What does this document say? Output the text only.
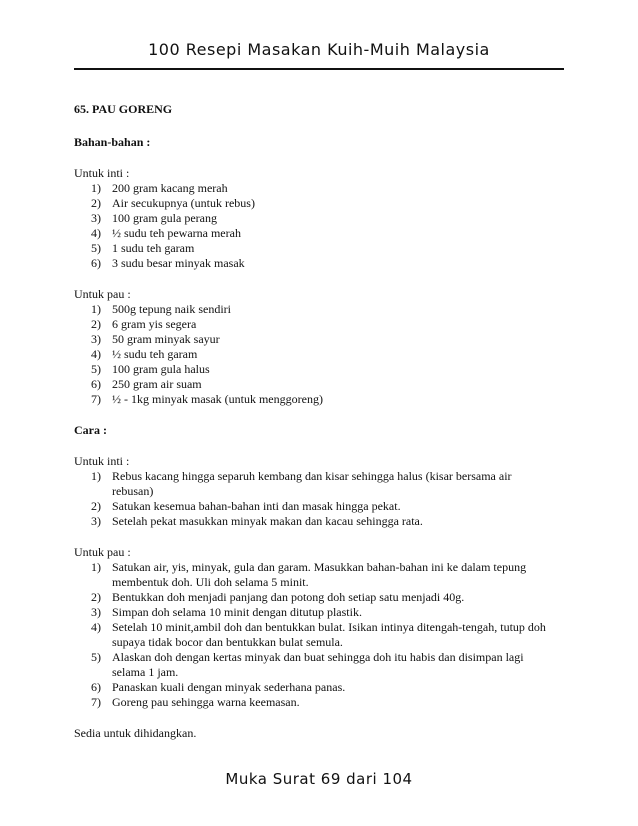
100 Resepi Masakan Kuih-Muih Malaysia

65. PAU GORENG

Bahan-bahan :

Untuk inti :

1) 200 gram kacang merah
2) Air secukupnya (untuk rebus)
3) 100 gram gula perang
4) ½ sudu teh pewarna merah
5) 1 sudu teh garam
6) 3 sudu besar minyak masak

Untuk pau :

1) 500g tepung naik sendiri
2) 6 gram yis segera
3) 50 gram minyak sayur
4) ½ sudu teh garam
5) 100 gram gula halus
6) 250 gram air suam
7) ½ - 1kg minyak masak (untuk menggoreng)

Cara :

Untuk inti :

1) Rebus kacang hingga separuh kembang dan kisar sehingga halus (kisar bersama air rebusan)
2) Satukan kesemua bahan-bahan inti dan masak hingga pekat.
3) Setelah pekat masukkan minyak makan dan kacau sehingga rata.

Untuk pau :

1) Satukan air, yis, minyak, gula dan garam. Masukkan bahan-bahan ini ke dalam tepung membentuk doh. Uli doh selama 5 minit.
2) Bentukkan doh menjadi panjang dan potong doh setiap satu menjadi 40g.
3) Simpan doh selama 10 minit dengan ditutup plastik.
4) Setelah 10 minit,ambil doh dan bentukkan bulat. Isikan intinya ditengah-tengah, tutup doh supaya tidak bocor dan bentukkan bulat semula.
5) Alaskan doh dengan kertas minyak dan buat sehingga doh itu habis dan disimpan lagi selama 1 jam.
6) Panaskan kuali dengan minyak sederhana panas.
7) Goreng pau sehingga warna keemasan.

Sedia untuk dihidangkan.

Muka Surat 69 dari 104
